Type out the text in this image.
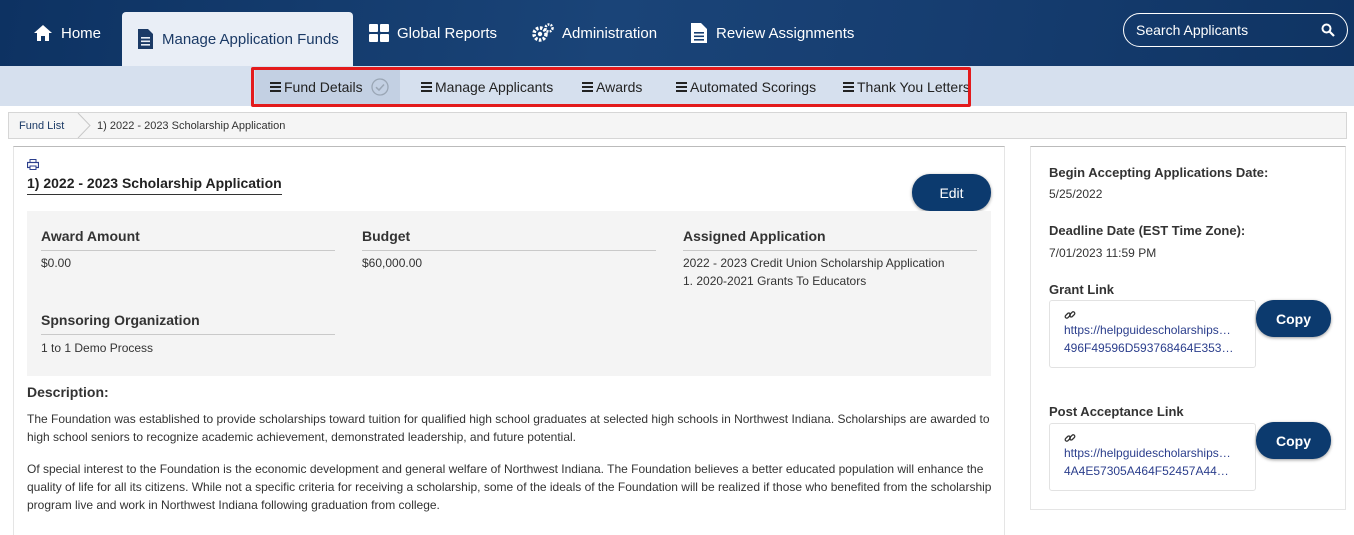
Home	Manage Application Funds	Global Reports	Administration	Review Assignments	Search Applicants
Fund Details	Manage Applicants	Awards	Automated Scorings	Thank You Letters
Fund List	1) 2022 - 2023 Scholarship Application
1) 2022 - 2023 Scholarship Application
Edit
Award Amount
$0.00
Budget
$60,000.00
Assigned Application
2022 - 2023 Credit Union Scholarship Application
1. 2020-2021 Grants To Educators
Spnsoring Organization
1 to 1 Demo Process
Description:
The Foundation was established to provide scholarships toward tuition for qualified high school graduates at selected high schools in Northwest Indiana. Scholarships are awarded to high school seniors to recognize academic achievement, demonstrated leadership, and future potential.
Of special interest to the Foundation is the economic development and general welfare of Northwest Indiana. The Foundation believes a better educated population will enhance the quality of life for all its citizens. While not a specific criteria for receiving a scholarship, some of the ideals of the Foundation will be realized if those who benefited from the scholarship program live and work in Northwest Indiana following graduation from college.
Begin Accepting Applications Date:
5/25/2022
Deadline Date (EST Time Zone):
7/01/2023 11:59 PM
Grant Link
https://helpguidescholarships…
496F49596D593768464E353…
Copy
Post Acceptance Link
https://helpguidescholarships…
4A4E57305A464F52457A44…
Copy
